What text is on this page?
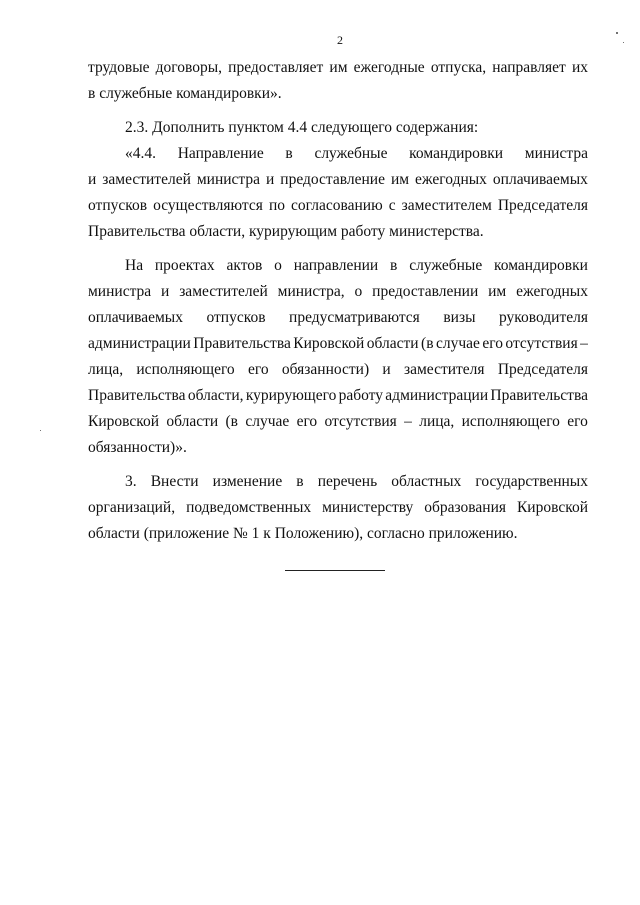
2
трудовые договоры, предоставляет им ежегодные отпуска, направляет их
в служебные командировки».
2.3. Дополнить пунктом 4.4 следующего содержания:
«4.4. Направление в служебные командировки министра
и заместителей министра и предоставление им ежегодных оплачиваемых
отпусков осуществляются по согласованию с заместителем Председателя
Правительства области, курирующим работу министерства.
На проектах актов о направлении в служебные командировки
министра и заместителей министра, о предоставлении им ежегодных
оплачиваемых отпусков предусматриваются визы руководителя
администрации Правительства Кировской области (в случае его отсутствия –
лица, исполняющего его обязанности) и заместителя Председателя
Правительства области, курирующего работу администрации Правительства
Кировской области (в случае его отсутствия – лица, исполняющего его
обязанности)».
3. Внести изменение в перечень областных государственных
организаций, подведомственных министерству образования Кировской
области (приложение № 1 к Положению), согласно приложению.
